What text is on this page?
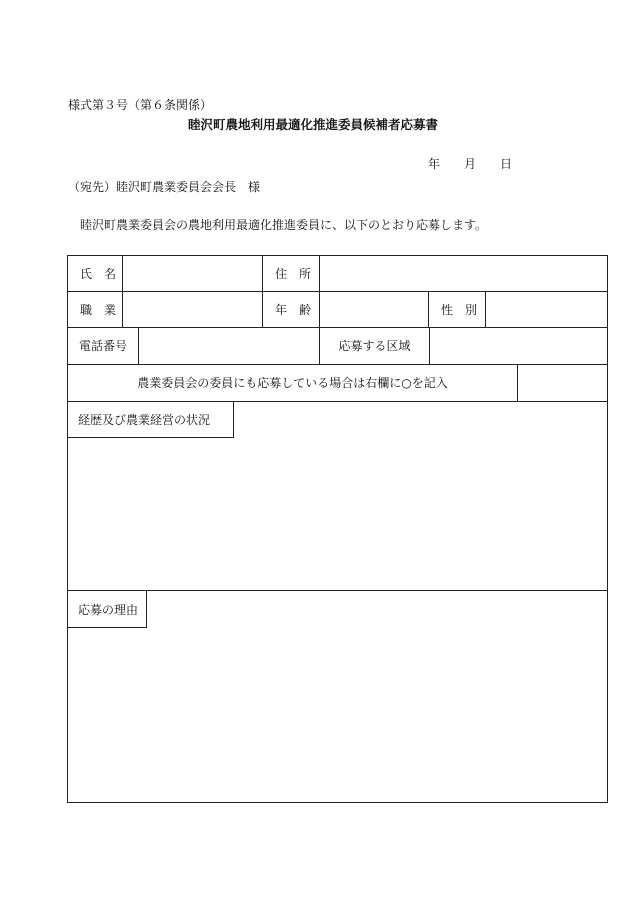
様式第３号（第６条関係）
睦沢町農地利用最適化推進委員候補者応募書
年 月 日
（宛先）睦沢町農業委員会会長　様
睦沢町農業委員会の農地利用最適化推進委員に、以下のとおり応募します。
氏　名	住　所
職　業	年　齢	性　別
電話番号	応募する区域
農業委員会の委員にも応募している場合は右欄に○を記入
経歴及び農業経営の状況
応募の理由
